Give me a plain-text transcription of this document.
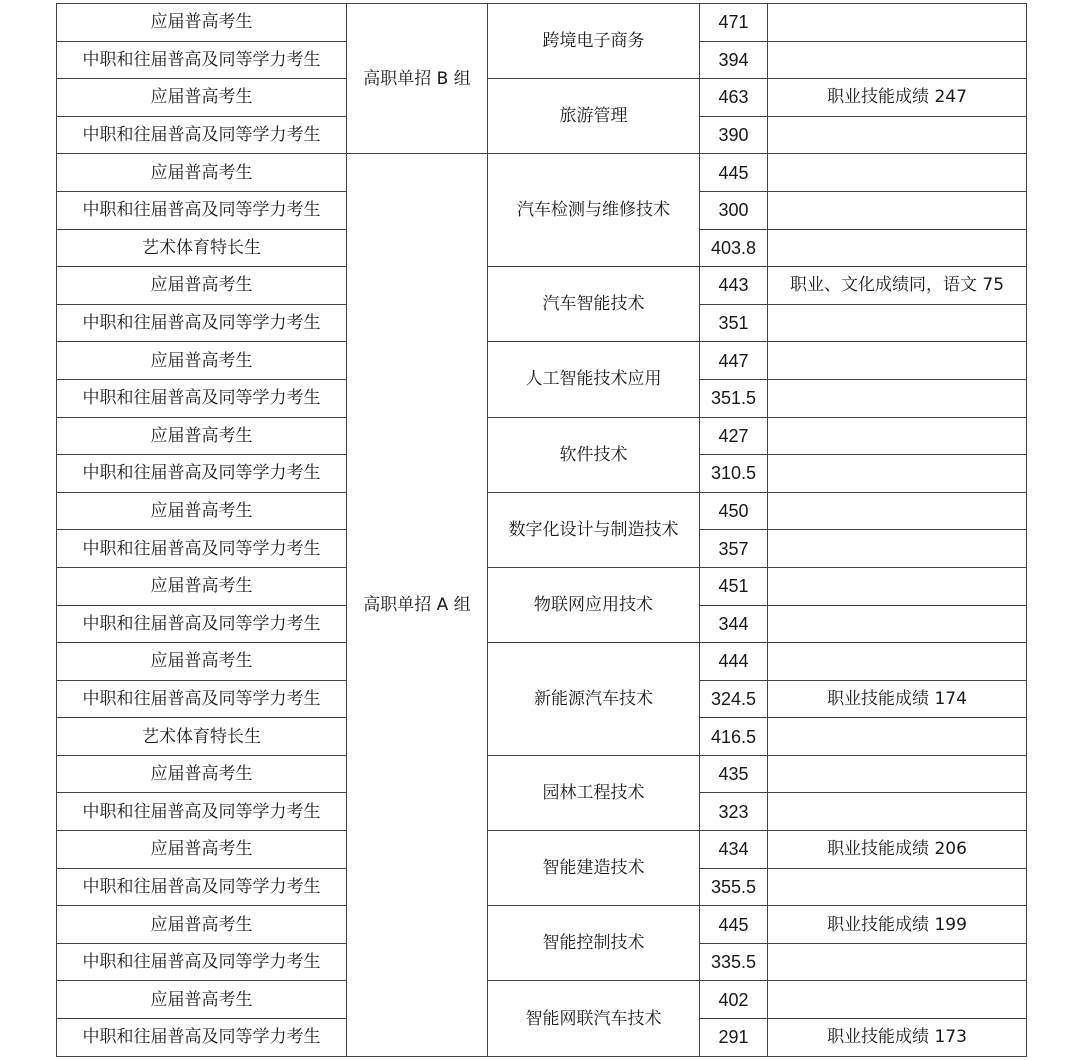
应届普高考生	高职单招 B 组	跨境电子商务	471	
中职和往届普高及同等学力考生			394	
应届普高考生		旅游管理	463	职业技能成绩 247
中职和往届普高及同等学力考生			390	
应届普高考生	高职单招 A 组	汽车检测与维修技术	445	
中职和往届普高及同等学力考生			300	
艺术体育特长生			403.8	
应届普高考生		汽车智能技术	443	职业、文化成绩同，语文 75
中职和往届普高及同等学力考生			351	
应届普高考生		人工智能技术应用	447	
中职和往届普高及同等学力考生			351.5	
应届普高考生		软件技术	427	
中职和往届普高及同等学力考生			310.5	
应届普高考生		数字化设计与制造技术	450	
中职和往届普高及同等学力考生			357	
应届普高考生		物联网应用技术	451	
中职和往届普高及同等学力考生			344	
应届普高考生		新能源汽车技术	444	
中职和往届普高及同等学力考生			324.5	职业技能成绩 174
艺术体育特长生			416.5	
应届普高考生		园林工程技术	435	
中职和往届普高及同等学力考生			323	
应届普高考生		智能建造技术	434	职业技能成绩 206
中职和往届普高及同等学力考生			355.5	
应届普高考生		智能控制技术	445	职业技能成绩 199
中职和往届普高及同等学力考生			335.5	
应届普高考生		智能网联汽车技术	402	
中职和往届普高及同等学力考生			291	职业技能成绩 173
